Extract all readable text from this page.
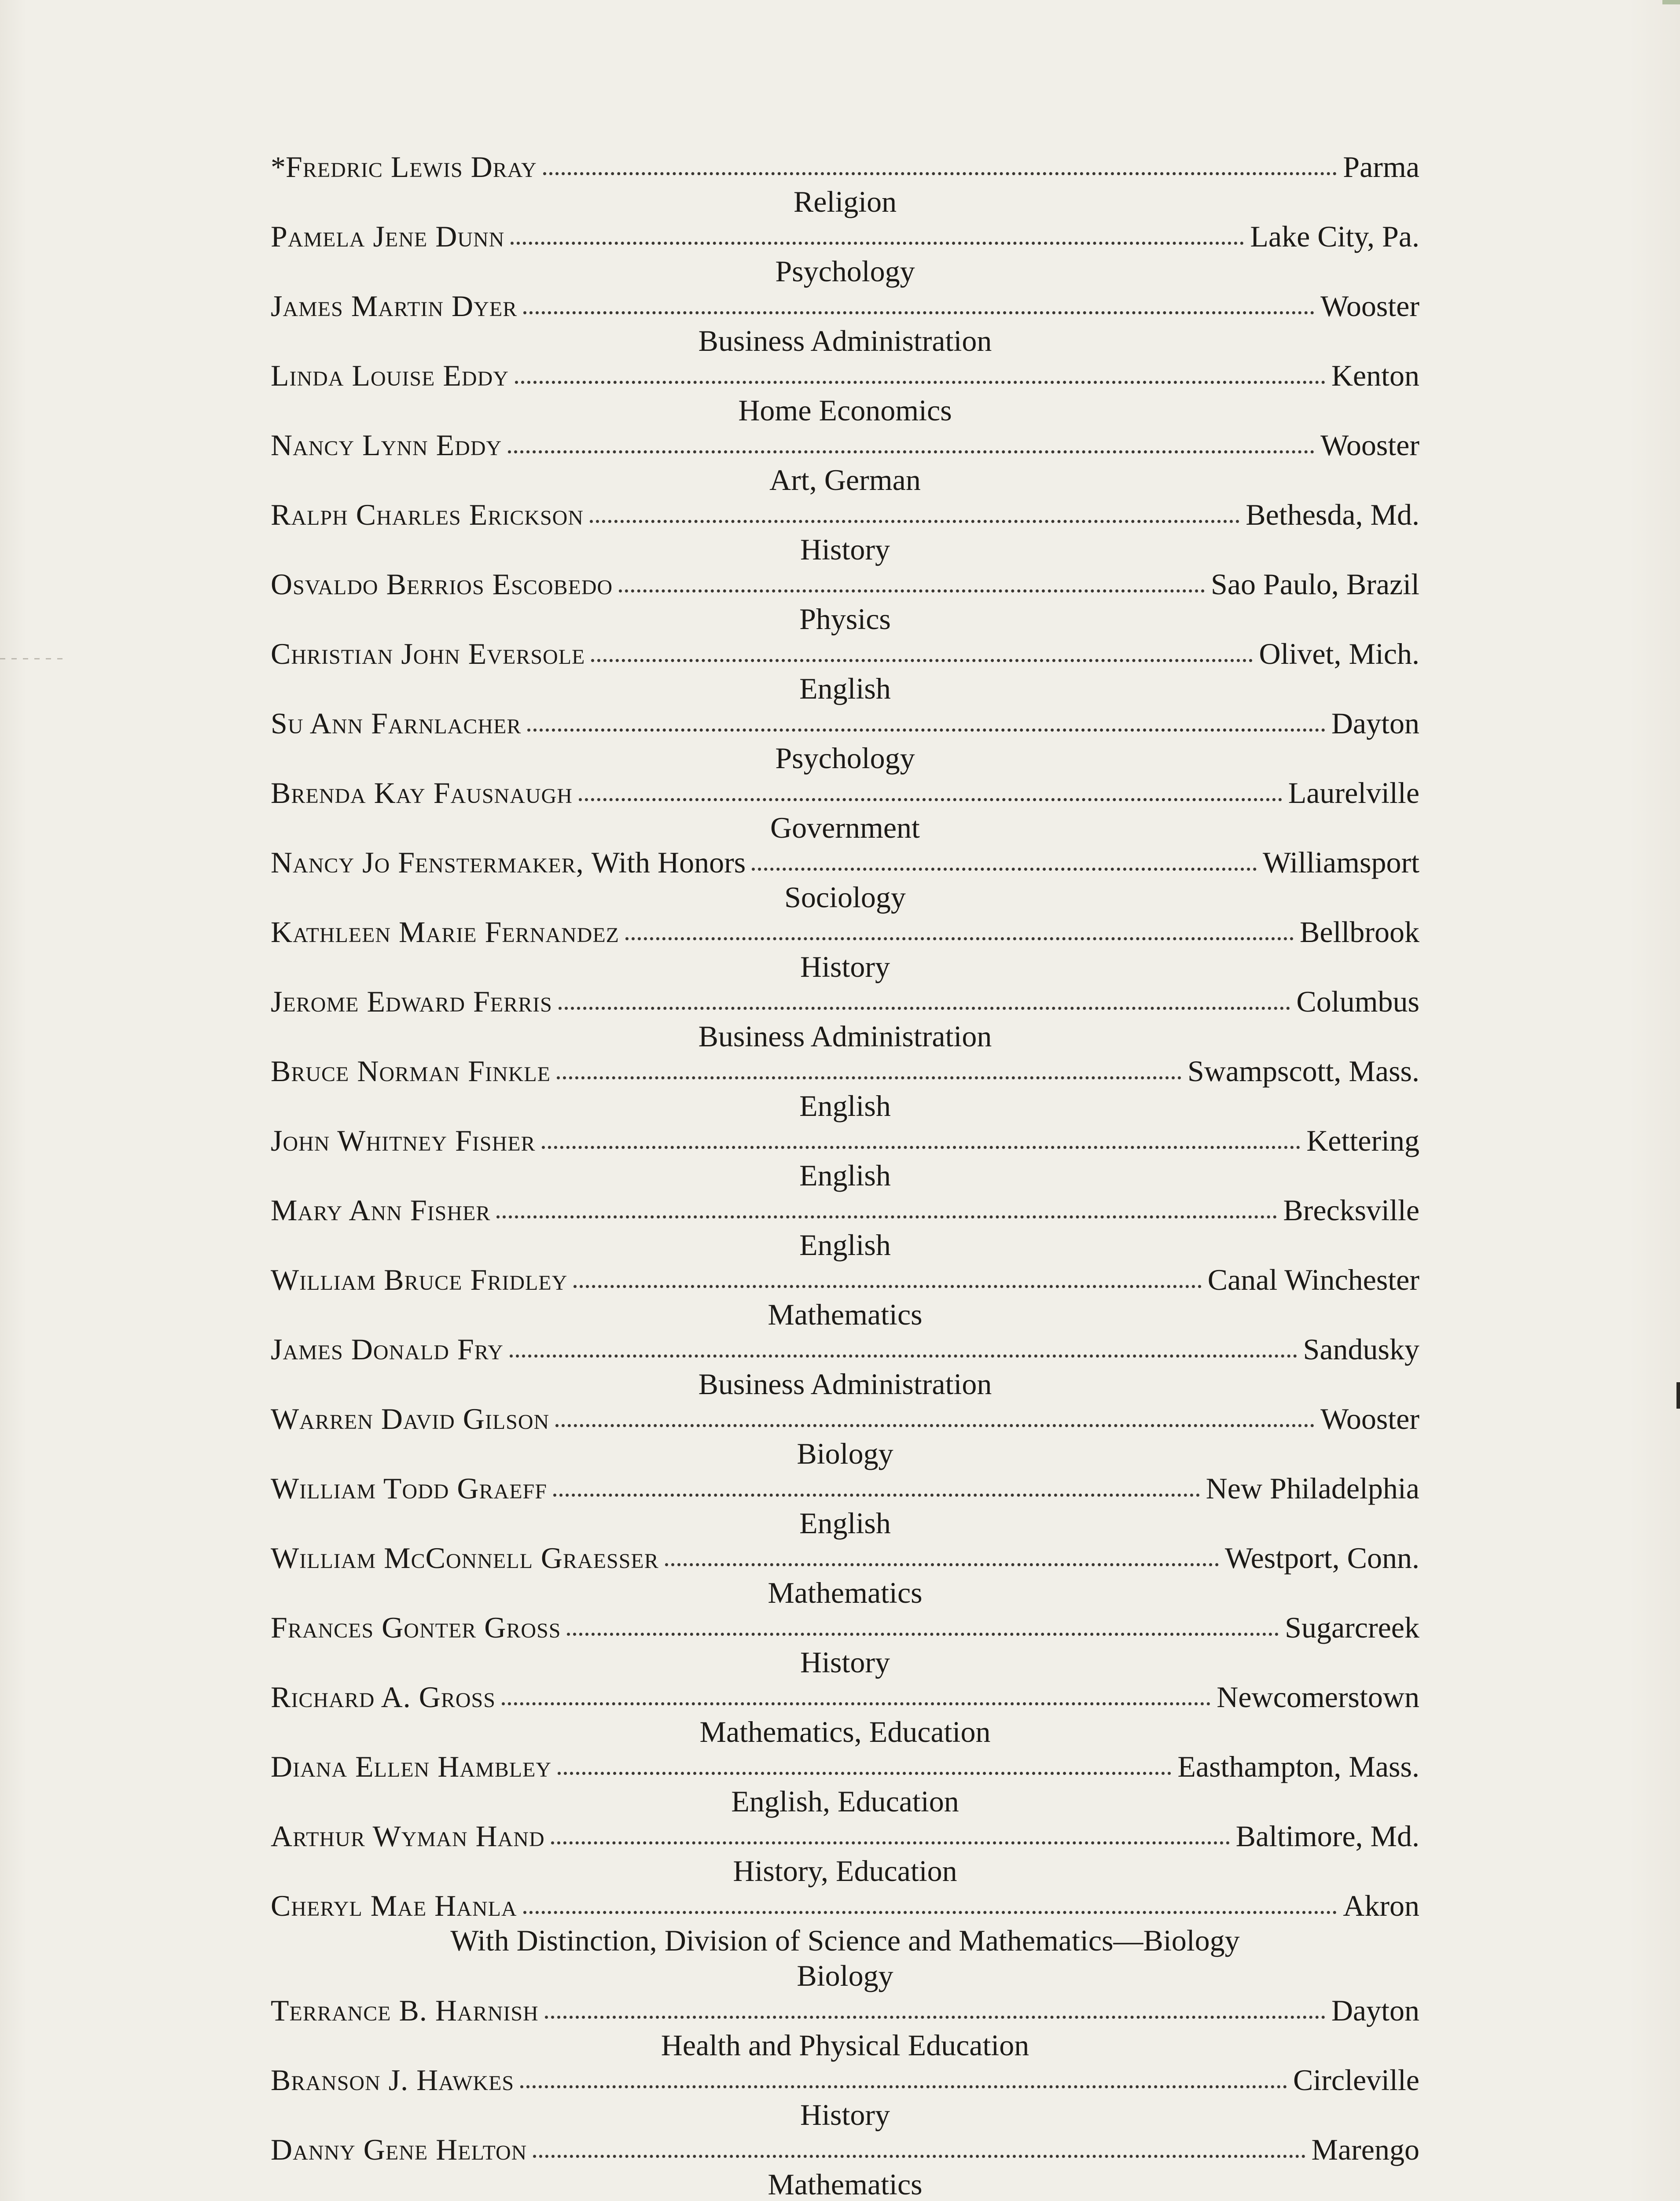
* Fredric Lewis Dray	Parma
Religion
Pamela Jene Dunn	Lake City, Pa.
Psychology
James Martin Dyer	Wooster
Business Administration
Linda Louise Eddy	Kenton
Home Economics
Nancy Lynn Eddy	Wooster
Art, German
Ralph Charles Erickson	Bethesda, Md.
History
Osvaldo Berrios Escobedo	Sao Paulo, Brazil
Physics
Christian John Eversole	Olivet, Mich.
English
Su Ann Farnlacher	Dayton
Psychology
Brenda Kay Fausnaugh	Laurelville
Government
Nancy Jo Fenstermaker,
With Honors	Williamsport
Sociology
Kathleen Marie Fernandez	Bellbrook
History
Jerome Edward Ferris	Columbus
Business Administration
Bruce Norman Finkle	Swampscott, Mass.
English
John Whitney Fisher	Kettering
English
Mary Ann Fisher	Brecksville
English
William Bruce Fridley	Canal Winchester
Mathematics
James Donald Fry	Sandusky
Business Administration
Warren David Gilson	Wooster
Biology
William Todd Graeff	New Philadelphia
English
William McConnell Graesser	Westport, Conn.
Mathematics
Frances Gonter Gross	Sugarcreek
History
Richard A. Gross	Newcomerstown
Mathematics, Education
Diana Ellen Hambley	Easthampton, Mass.
English, Education
Arthur Wyman Hand	Baltimore, Md.
History, Education
Cheryl Mae Hanla	Akron
With Distinction, Division of Science and Mathematics—Biology
Biology
Terrance B. Harnish	Dayton
Health and Physical Education
Branson J. Hawkes	Circleville
History
Danny Gene Helton	Marengo
Mathematics
